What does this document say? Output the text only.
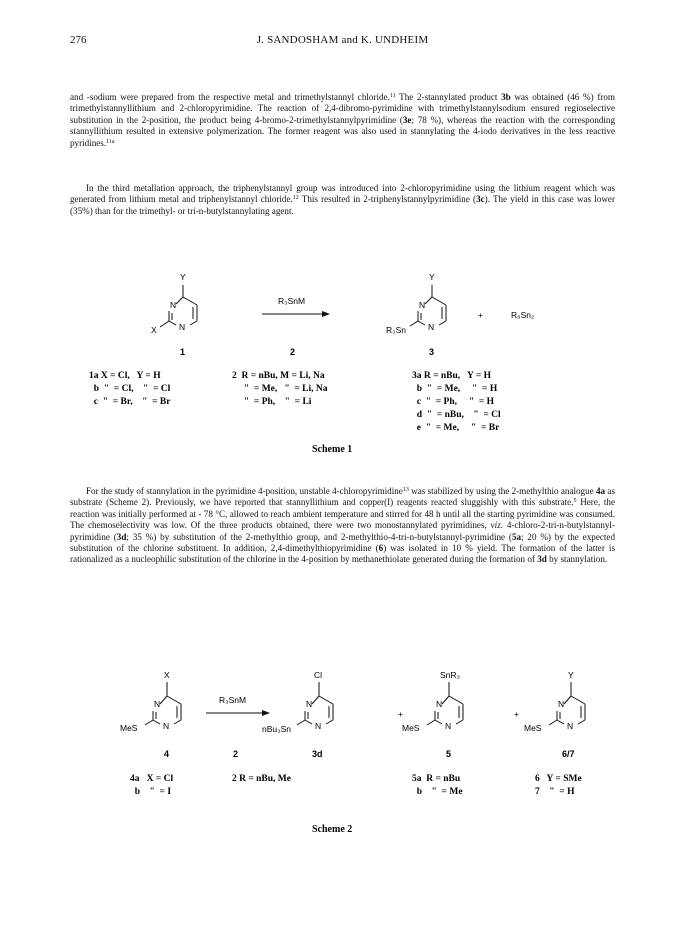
276	J. SANDOSHAM and K. UNDHEIM

and -sodium were prepared from the respective metal and trimethylstannyl chloride.$^{11}$ The 2-stannylated product 3b was obtained (46 %) from trimethylstannyllithium and 2-chloropyrimidine. The reaction of 2,4-dibromo-pyrimidine with trimethylstannylsodium ensured regioselective substitution in the 2-position, the product being 4-bromo-2-trimethylstannylpyrimidine (3e; 78 %), whereas the reaction with the corresponding stannyllithium resulted in extensive polymerization. The former reagent was also used in stannylating the 4-iodo derivatives in the less reactive pyridines.$^{11a}$

In the third metallation approach, the triphenylstannyl group was introduced into 2-chloropyrimidine using the lithium reagent which was generated from lithium metal and triphenylstannyl chloride.$^{12}$ This resulted in 2-triphenylstannylpyrimidine (3c). The yield in this case was lower (35%) than for the trimethyl- or tri-n-butylstannylating agent.

Y
N
N
X
1
R₃SnM
2
Y
N
N
R₃Sn
3
+	R₆Sn₂
1a X = Cl,   Y = H
b  "  = Cl,    "  = Cl
c  "  = Br,    "  = Br
2  R = nBu, M = Li, Na
"  = Me,   "  = Li, Na
"  = Ph,    "  = Li
3a R = nBu,   Y = H
b  "  = Me,     "  = H
c  "  = Ph,     "  = H
d  "  = nBu,    "  = Cl
e  "  = Me,     "  = Br
Scheme 1

For the study of stannylation in the pyrimidine 4-position, unstable 4-chloropyrimidine$^{13}$ was stabilized by using the 2-methylthio analogue 4a as substrate (Scheme 2). Previously, we have reported that stannyllithium and copper(I) reagents reacted sluggishly with this substrate.$^5$ Here, the reaction was initially performed at - 78 °C, allowed to reach ambient temperature and stirred for 48 h until all the starting pyrimidine was consumed. The chemoselectivity was low. Of the three products obtained, there were two monostannylated pyrimidines, viz. 4-chloro-2-tri-n-butylstannyl-pyrimidine (3d; 35 %) by substitution of the 2-methylthio group, and 2-methylthio-4-tri-n-butylstannyl-pyrimidine (5a; 20 %) by the expected substitution of the chlorine substituent. In addition, 2,4-dimethylthiopyrimidine (6) was isolated in 10 % yield. The formation of the latter is rationalized as a nucleophilic substitution of the chlorine in the 4-position by methanethiolate generated during the formation of 3d by stannylation.

X
N
N
MeS
4
R₃SnM
2
Cl
N
N
nBu₃Sn
3d
+
SnR₃
N
N
MeS
5
+
Y
N
N
MeS
6/7
4a   X = Cl
b    "  = I
2 R = nBu, Me	5a  R = nBu
b    "  = Me
6   Y = SMe
7    "  = H
Scheme 2
